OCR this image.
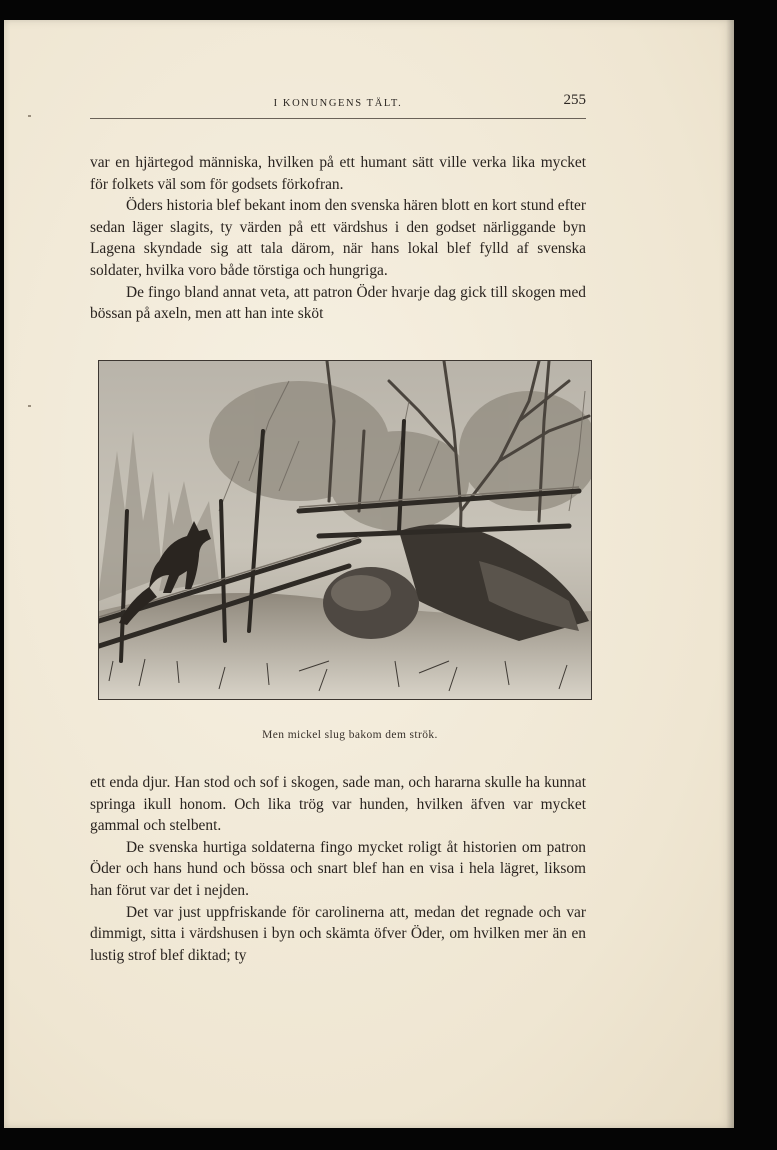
I KONUNGENS TÄLT.	255

var en hjärtegod människa, hvilken på ett humant sätt ville verka lika mycket för folkets väl som för godsets förkofran.

Öders historia blef bekant inom den svenska hären blott en kort stund efter sedan läger slagits, ty värden på ett värdshus i den godset närliggande byn Lagena skyndade sig att tala därom, när hans lokal blef fylld af svenska soldater, hvilka voro både törstiga och hungriga.

De fingo bland annat veta, att patron Öder hvarje dag gick till skogen med bössan på axeln, men att han inte sköt

Men mickel slug bakom dem strök.

ett enda djur. Han stod och sof i skogen, sade man, och hararna skulle ha kunnat springa ikull honom. Och lika trög var hunden, hvilken äfven var mycket gammal och stelbent.

De svenska hurtiga soldaterna fingo mycket roligt åt historien om patron Öder och hans hund och bössa och snart blef han en visa i hela lägret, liksom han förut var det i nejden.

Det var just uppfriskande för carolinerna att, medan det regnade och var dimmigt, sitta i värdshusen i byn och skämta öfver Öder, om hvilken mer än en lustig strof blef diktad; ty
